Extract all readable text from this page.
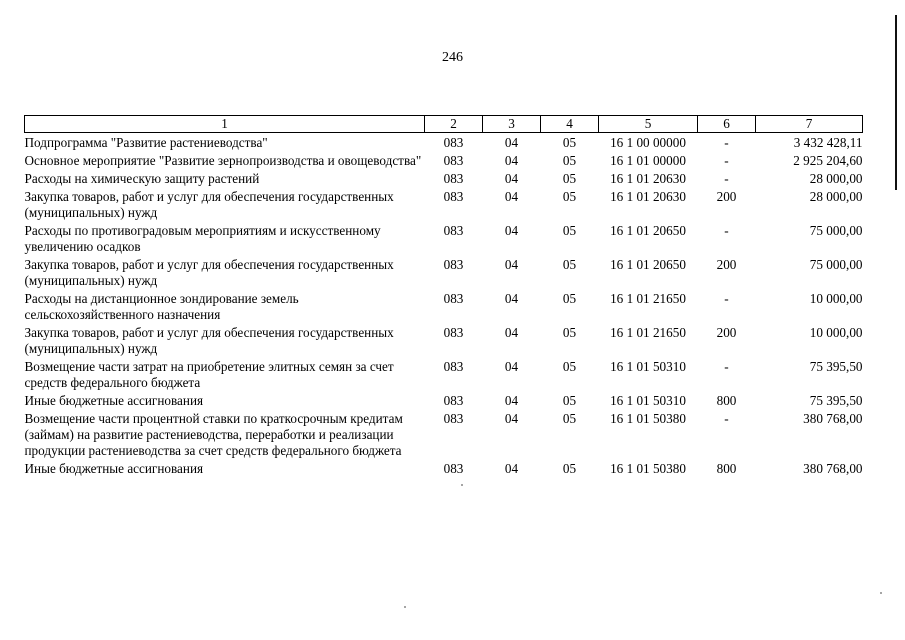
246
1	2	3	4	5	6	7
Подпрограмма "Развитие растениеводства"	083	04	05	16 1 00 00000	-	3 432 428,11
Основное мероприятие "Развитие зернопроизводства и овощеводства"	083	04	05	16 1 01 00000	-	2 925 204,60
Расходы на химическую защиту растений	083	04	05	16 1 01 20630	-	28 000,00
Закупка товаров, работ и услуг для обеспечения государственных (муниципальных) нужд	083	04	05	16 1 01 20630	200	28 000,00
Расходы по противоградовым мероприятиям и искусственному увеличению осадков	083	04	05	16 1 01 20650	-	75 000,00
Закупка товаров, работ и услуг для обеспечения государственных (муниципальных) нужд	083	04	05	16 1 01 20650	200	75 000,00
Расходы на дистанционное зондирование земель сельскохозяйственного назначения	083	04	05	16 1 01 21650	-	10 000,00
Закупка товаров, работ и услуг для обеспечения государственных (муниципальных) нужд	083	04	05	16 1 01 21650	200	10 000,00
Возмещение части затрат на приобретение элитных семян за счет средств федерального бюджета	083	04	05	16 1 01 50310	-	75 395,50
Иные бюджетные ассигнования	083	04	05	16 1 01 50310	800	75 395,50
Возмещение части процентной ставки по краткосрочным кредитам (займам) на развитие растениеводства, переработки и реализации продукции растениеводства за счет средств федерального бюджета	083	04	05	16 1 01 50380	-	380 768,00
Иные бюджетные ассигнования	083	04	05	16 1 01 50380	800	380 768,00
